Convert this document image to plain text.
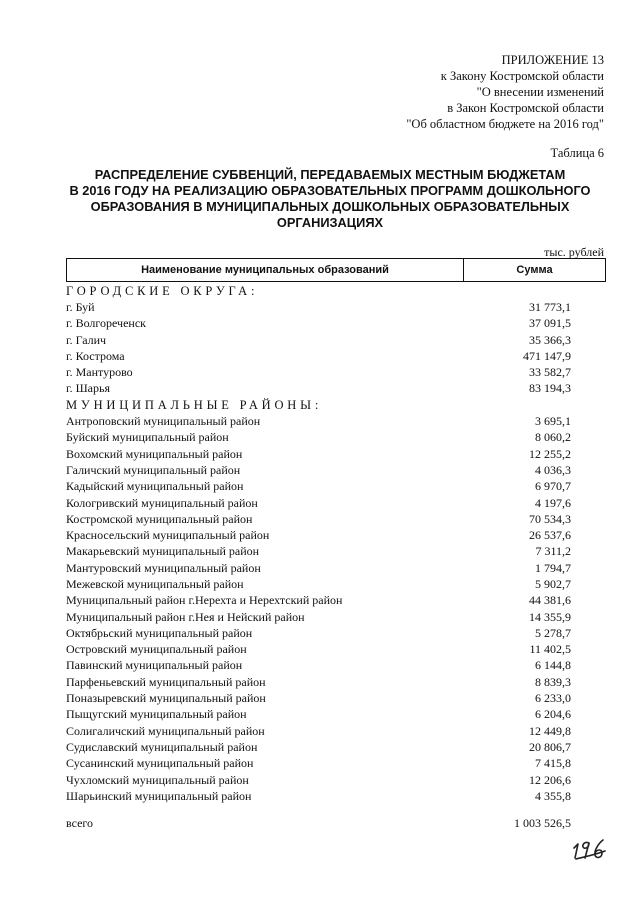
ПРИЛОЖЕНИЕ 13
к Закону Костромской области
"О внесении изменений
в Закон Костромской области
"Об областном бюджете на 2016 год"
Таблица 6
РАСПРЕДЕЛЕНИЕ СУБВЕНЦИЙ, ПЕРЕДАВАЕМЫХ МЕСТНЫМ БЮДЖЕТАМ
В 2016 ГОДУ НА РЕАЛИЗАЦИЮ ОБРАЗОВАТЕЛЬНЫХ ПРОГРАММ ДОШКОЛЬНОГО
ОБРАЗОВАНИЯ В МУНИЦИПАЛЬНЫХ ДОШКОЛЬНЫХ ОБРАЗОВАТЕЛЬНЫХ
ОРГАНИЗАЦИЯХ
тыс. рублей
Наименование муниципальных образований	Сумма
ГОРОДСКИЕ ОКРУГА:
г. Буй	31 773,1
г. Волгореченск	37 091,5
г. Галич	35 366,3
г. Кострома	471 147,9
г. Мантурово	33 582,7
г. Шарья	83 194,3
МУНИЦИПАЛЬНЫЕ РАЙОНЫ:
Антроповский муниципальный район	3 695,1
Буйский муниципальный район	8 060,2
Вохомский муниципальный район	12 255,2
Галичский муниципальный район	4 036,3
Кадыйский муниципальный район	6 970,7
Кологривский муниципальный район	4 197,6
Костромской муниципальный район	70 534,3
Красносельский муниципальный район	26 537,6
Макарьевский муниципальный район	7 311,2
Мантуровский муниципальный район	1 794,7
Межевской муниципальный район	5 902,7
Муниципальный район г.Нерехта и Нерехтский район	44 381,6
Муниципальный район г.Нея и Нейский район	14 355,9
Октябрьский муниципальный район	5 278,7
Островский муниципальный район	11 402,5
Павинский муниципальный район	6 144,8
Парфеньевский муниципальный район	8 839,3
Поназыревский муниципальный район	6 233,0
Пыщугский муниципальный район	6 204,6
Солигаличский муниципальный район	12 449,8
Судиславский муниципальный район	20 806,7
Сусанинский муниципальный район	7 415,8
Чухломский муниципальный район	12 206,6
Шарьинский муниципальный район	4 355,8
всего	1 003 526,5
